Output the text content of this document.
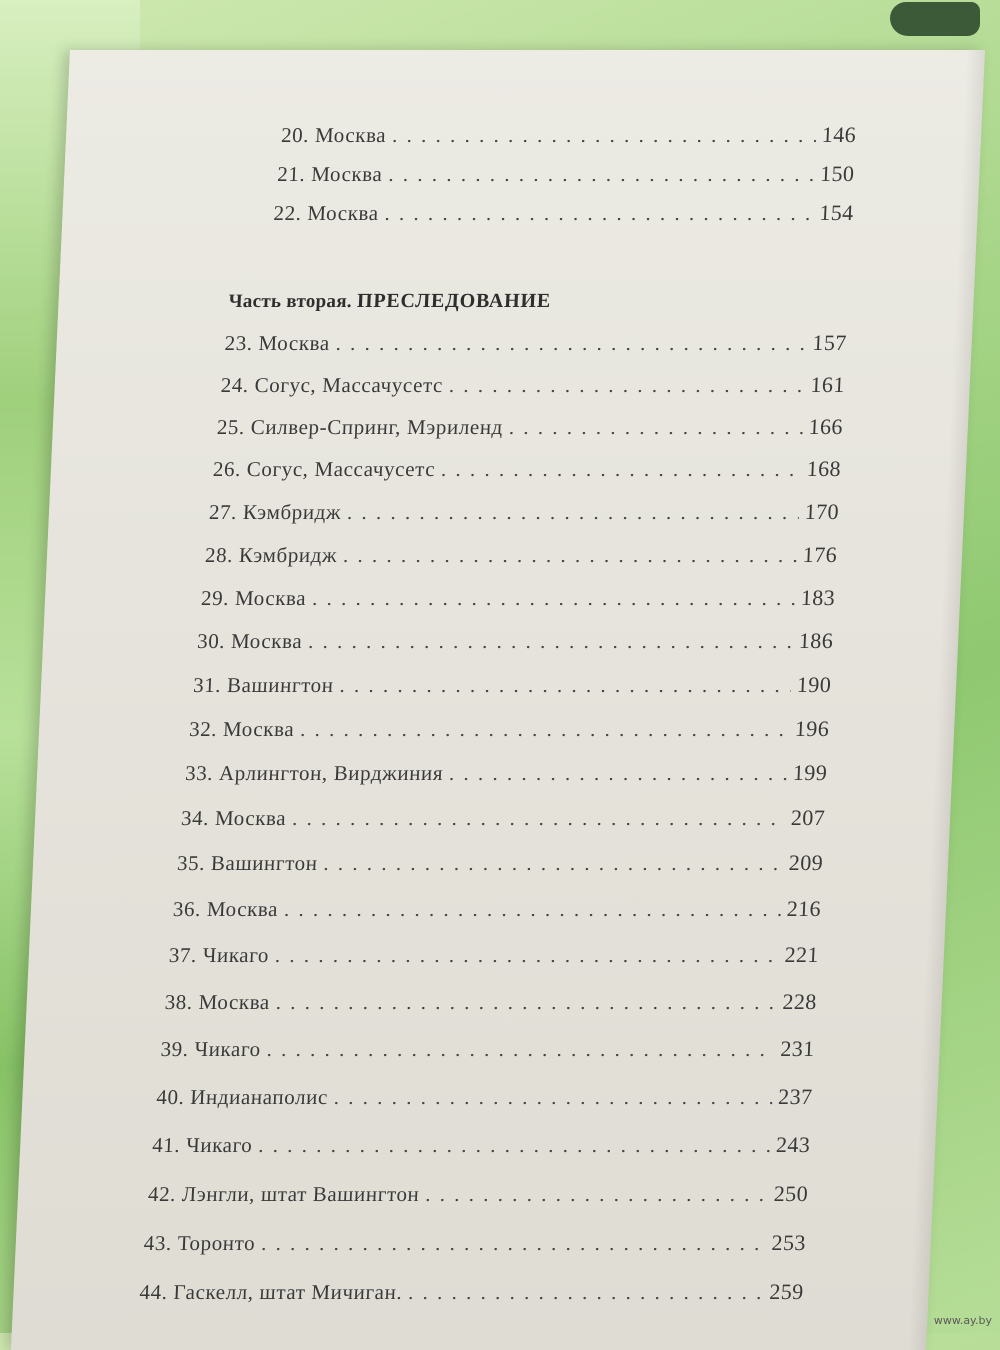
20. Москва . . .	146
21. Москва . . .	150
22. Москва . . .	154
Часть вторая. ПРЕСЛЕДОВАНИЕ
23. Москва . . .	157
24. Согус, Массачусетс . . .	161
25. Силвер-Спринг, Мэриленд . . .	166
26. Согус, Массачусетс . . .	168
27. Кэмбридж . . .	170
28. Кэмбридж . . .	176
29. Москва . . .	183
30. Москва . . .	186
31. Вашингтон . . .	190
32. Москва . . .	196
33. Арлингтон, Вирджиния . . .	199
34. Москва . . .	207
35. Вашингтон . . .	209
36. Москва . . .	216
37. Чикаго . . .	221
38. Москва . . .	228
39. Чикаго . . .	231
40. Индианаполис . . .	237
41. Чикаго . . .	243
42. Лэнгли, штат Вашингтон . . .	250
43. Торонто . . .	253
44. Гаскелл, штат Мичиган. . . .	259
www.ay.by
